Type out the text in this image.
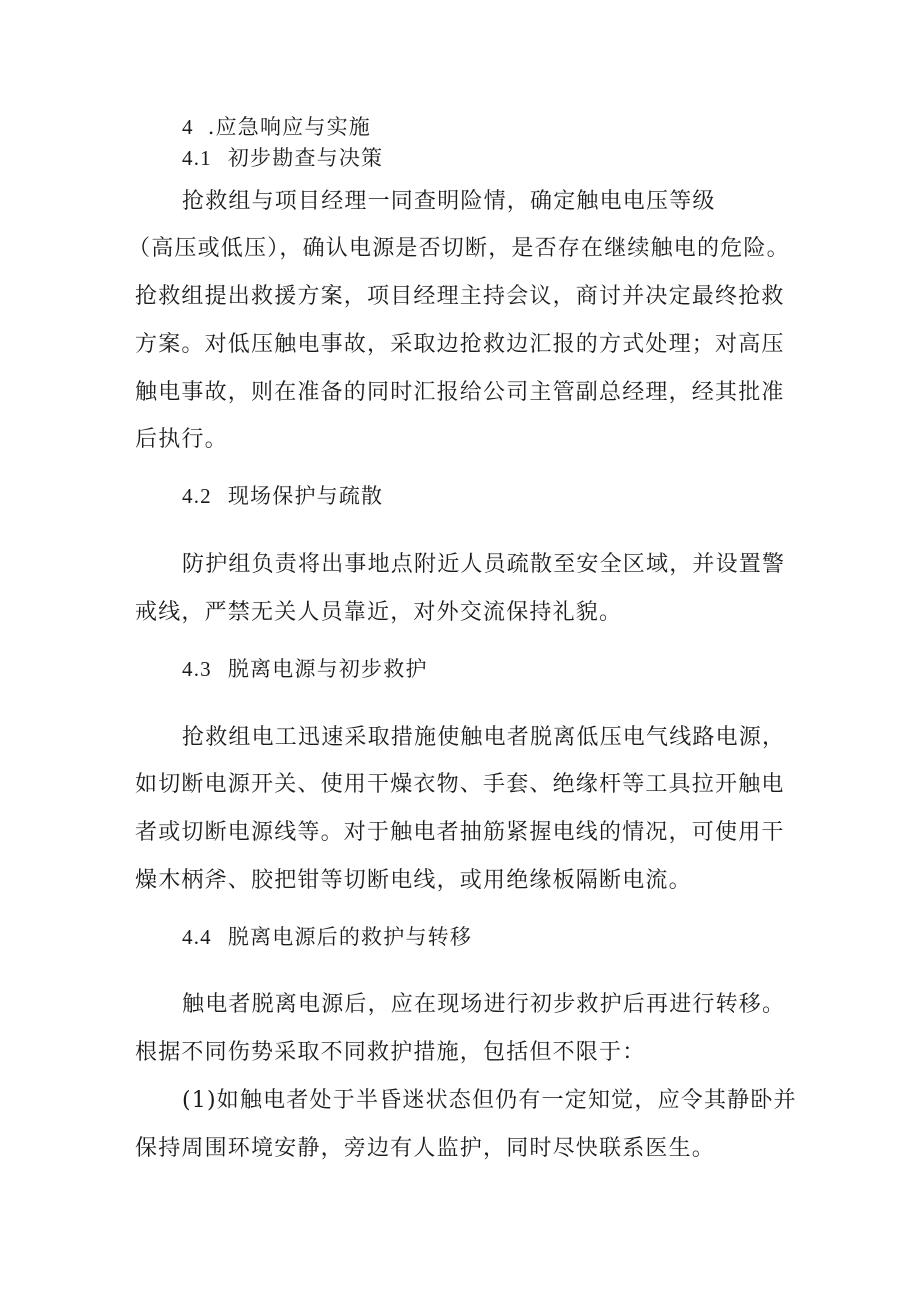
4 .应急响应与实施
4.1 初步勘查与决策
抢救组与项目经理一同查明险情，确定触电电压等级
（高压或低压），确认电源是否切断，是否存在继续触电的危险。
抢救组提出救援方案，项目经理主持会议，商讨并决定最终抢救
方案。对低压触电事故，采取边抢救边汇报的方式处理；对高压
触电事故，则在准备的同时汇报给公司主管副总经理，经其批准
后执行。
4.2 现场保护与疏散
防护组负责将出事地点附近人员疏散至安全区域，并设置警
戒线，严禁无关人员靠近，对外交流保持礼貌。
4.3 脱离电源与初步救护
抢救组电工迅速采取措施使触电者脱离低压电气线路电源，
如切断电源开关、使用干燥衣物、手套、绝缘杆等工具拉开触电
者或切断电源线等。对于触电者抽筋紧握电线的情况，可使用干
燥木柄斧、胶把钳等切断电线，或用绝缘板隔断电流。
4.4 脱离电源后的救护与转移
触电者脱离电源后，应在现场进行初步救护后再进行转移。
根据不同伤势采取不同救护措施，包括但不限于：
(1)如触电者处于半昏迷状态但仍有一定知觉，应令其静卧并
保持周围环境安静，旁边有人监护，同时尽快联系医生。
